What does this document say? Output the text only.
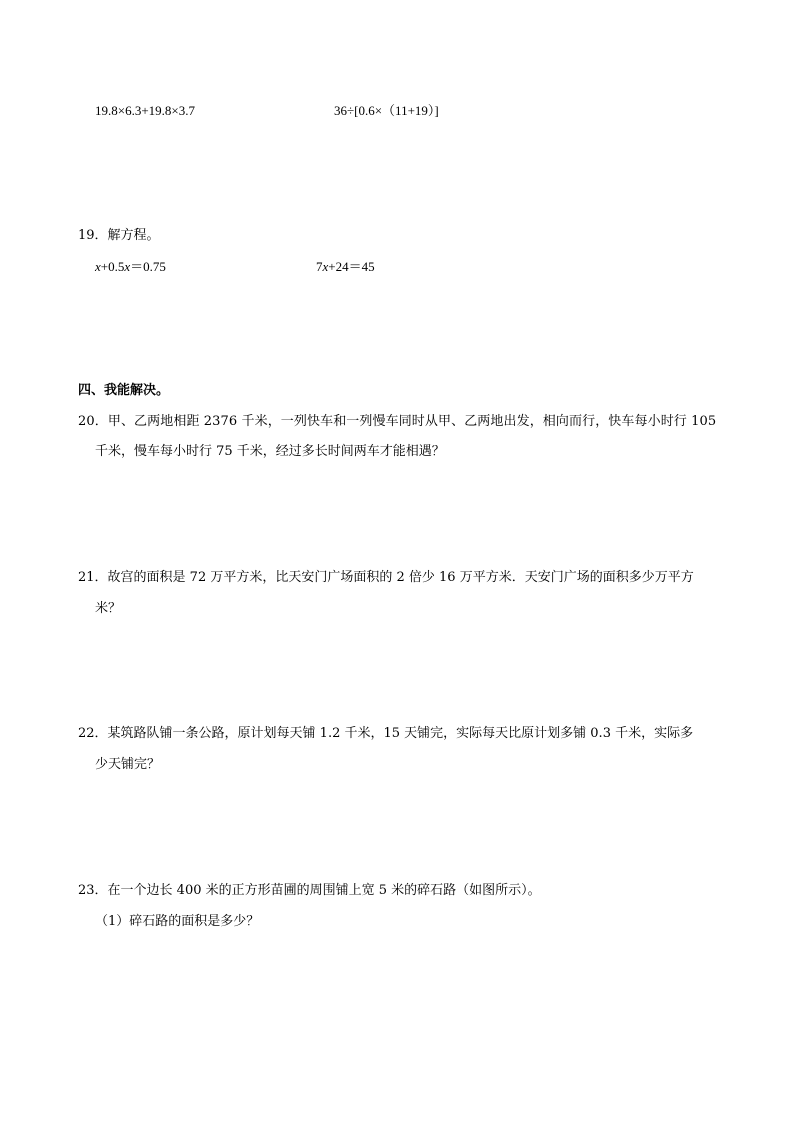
19.8×6.3+19.8×3.7	36÷[0.6×（11+19）]
19．解方程。
x+0.5x＝0.75	7x+24＝45
四、我能解决。
20．甲、乙两地相距 2376 千米，一列快车和一列慢车同时从甲、乙两地出发，相向而行，快车每小时行 105
千米，慢车每小时行 75 千米，经过多长时间两车才能相遇？
21．故宫的面积是 72 万平方米，比天安门广场面积的 2 倍少 16 万平方米．天安门广场的面积多少万平方
米？
22．某筑路队铺一条公路，原计划每天铺 1.2 千米，15 天铺完，实际每天比原计划多铺 0.3 千米，实际多
少天铺完？
23．在一个边长 400 米的正方形苗圃的周围铺上宽 5 米的碎石路（如图所示）。
（1）碎石路的面积是多少？
